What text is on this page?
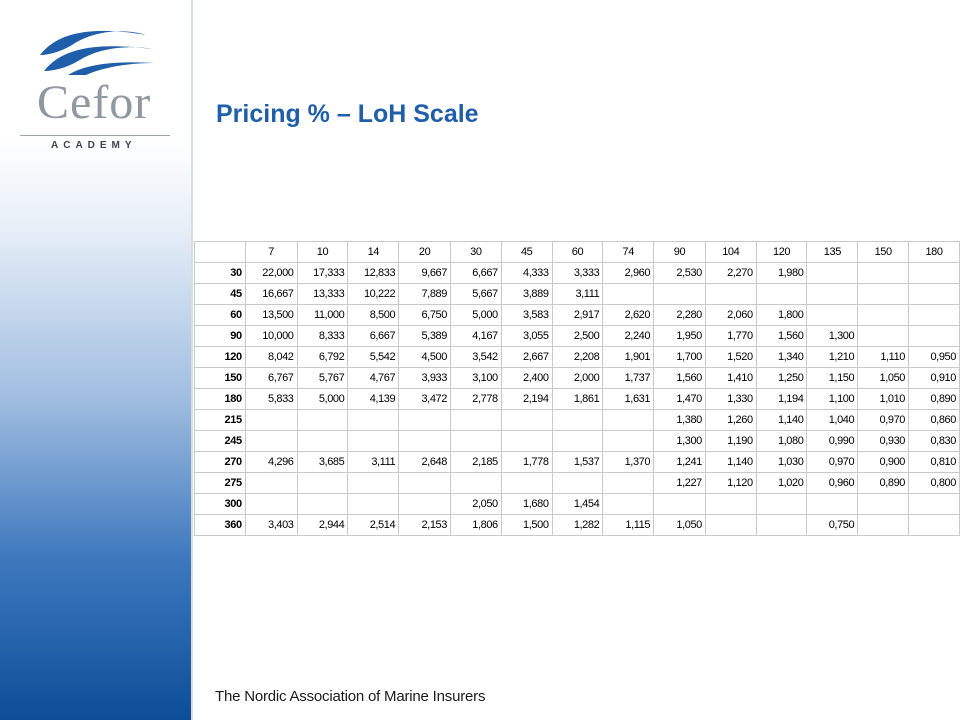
Cefor
ACADEMY
Pricing % – LoH Scale
	7	10	14	20	30	45	60	74	90	104	120	135	150	180
30	22,000	17,333	12,833	9,667	6,667	4,333	3,333	2,960	2,530	2,270	1,980			
45	16,667	13,333	10,222	7,889	5,667	3,889	3,111							
60	13,500	11,000	8,500	6,750	5,000	3,583	2,917	2,620	2,280	2,060	1,800			
90	10,000	8,333	6,667	5,389	4,167	3,055	2,500	2,240	1,950	1,770	1,560	1,300		
120	8,042	6,792	5,542	4,500	3,542	2,667	2,208	1,901	1,700	1,520	1,340	1,210	1,110	0,950
150	6,767	5,767	4,767	3,933	3,100	2,400	2,000	1,737	1,560	1,410	1,250	1,150	1,050	0,910
180	5,833	5,000	4,139	3,472	2,778	2,194	1,861	1,631	1,470	1,330	1,194	1,100	1,010	0,890
215									1,380	1,260	1,140	1,040	0,970	0,860
245									1,300	1,190	1,080	0,990	0,930	0,830
270	4,296	3,685	3,111	2,648	2,185	1,778	1,537	1,370	1,241	1,140	1,030	0,970	0,900	0,810
275									1,227	1,120	1,020	0,960	0,890	0,800
300					2,050	1,680	1,454							
360	3,403	2,944	2,514	2,153	1,806	1,500	1,282	1,115	1,050			0,750		
The Nordic Association of Marine Insurers
